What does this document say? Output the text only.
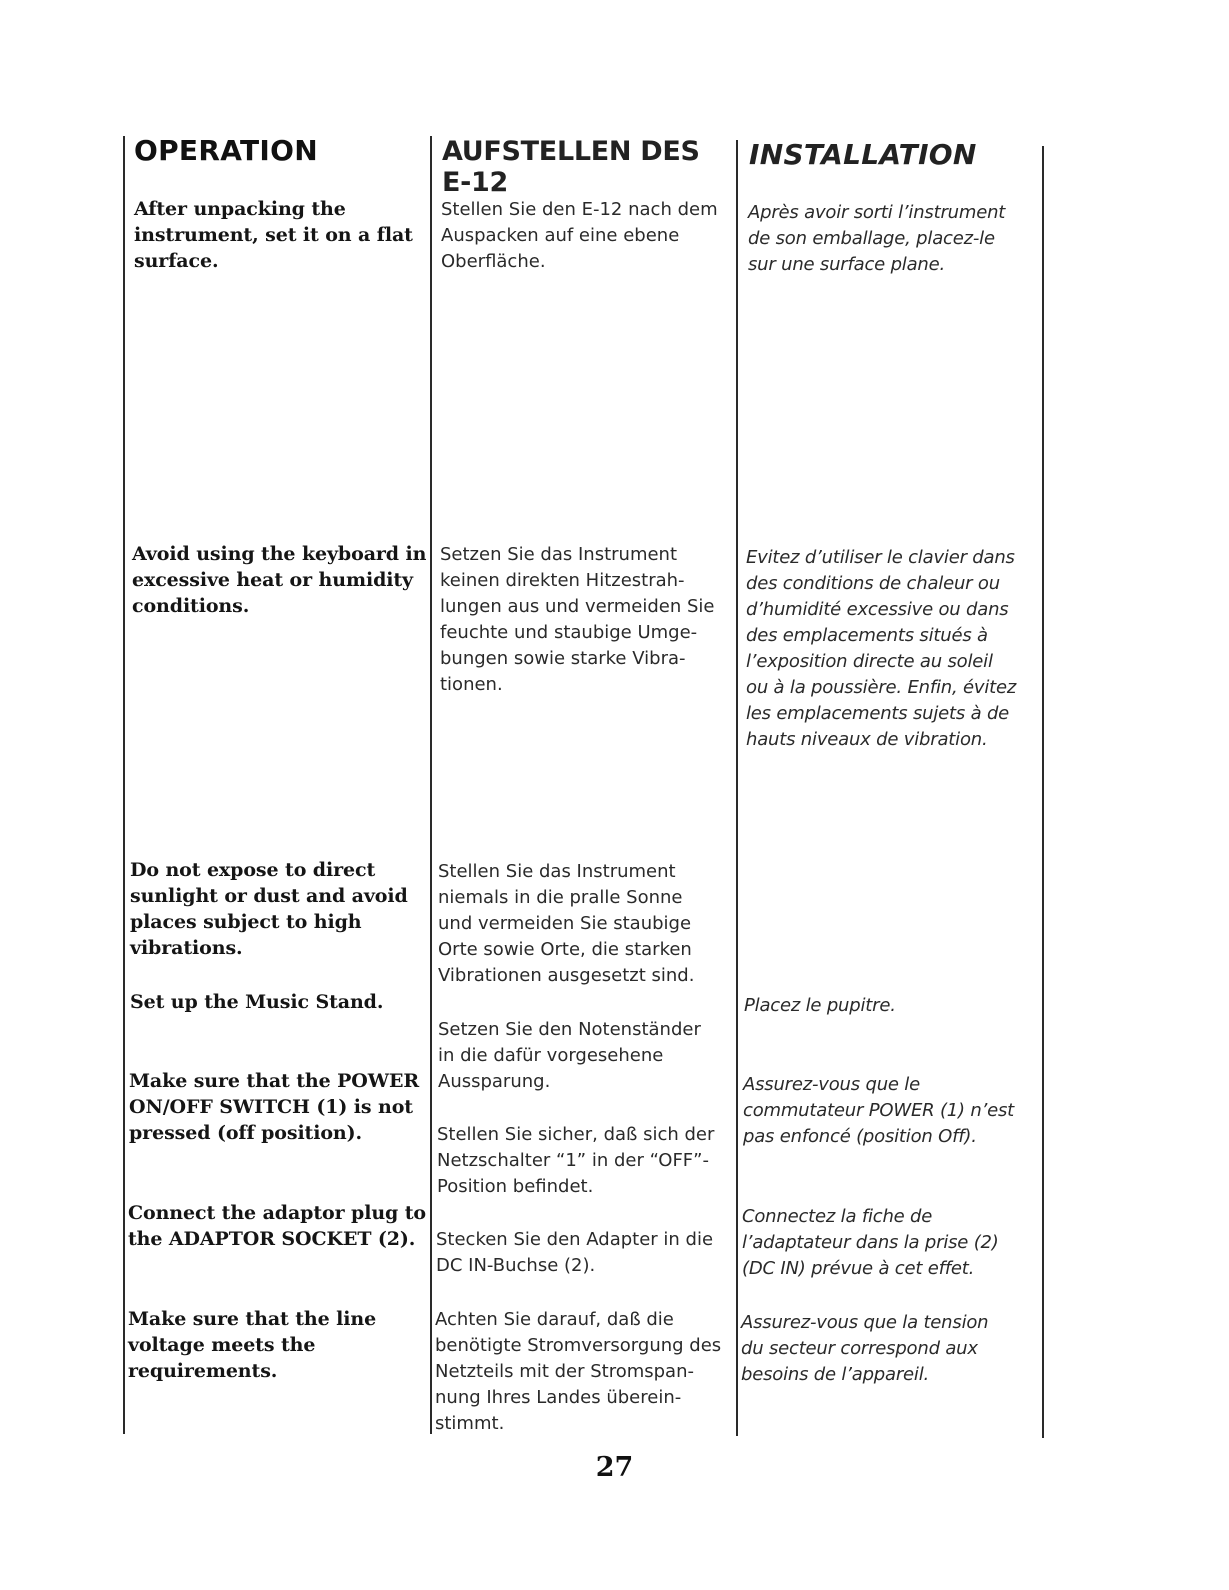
OPERATION

After unpacking the
instrument, set it on a flat
surface.

Avoid using the keyboard in
excessive heat or humidity
conditions.

Do not expose to direct
sunlight or dust and avoid
places subject to high
vibrations.

Set up the Music Stand.

Make sure that the POWER
ON/OFF SWITCH (1) is not
pressed (off position).

Connect the adaptor plug to
the ADAPTOR SOCKET (2).

Make sure that the line
voltage meets the
requirements.

AUFSTELLEN DES E-12

Stellen Sie den E-12 nach dem
Auspacken auf eine ebene
Oberfläche.

Setzen Sie das Instrument
keinen direkten Hitzestrah-
lungen aus und vermeiden Sie
feuchte und staubige Umge-
bungen sowie starke Vibra-
tionen.

Stellen Sie das Instrument
niemals in die pralle Sonne
und vermeiden Sie staubige
Orte sowie Orte, die starken
Vibrationen ausgesetzt sind.

Setzen Sie den Notenständer
in die dafür vorgesehene
Aussparung.

Stellen Sie sicher, daß sich der
Netzschalter “1” in der “OFF”-
Position befindet.

Stecken Sie den Adapter in die
DC IN-Buchse (2).

Achten Sie darauf, daß die
benötigte Stromversorgung des
Netzteils mit der Stromspan-
nung Ihres Landes überein-
stimmt.

INSTALLATION

Après avoir sorti l’instrument
de son emballage, placez-le
sur une surface plane.

Evitez d’utiliser le clavier dans
des conditions de chaleur ou
d’humidité excessive ou dans
des emplacements situés à
l’exposition directe au soleil
ou à la poussière. Enfin, évitez
les emplacements sujets à de
hauts niveaux de vibration.

Placez le pupitre.

Assurez-vous que le
commutateur POWER (1) n’est
pas enfoncé (position Off).

Connectez la fiche de
l’adaptateur dans la prise (2)
(DC IN) prévue à cet effet.

Assurez-vous que la tension
du secteur correspond aux
besoins de l’appareil.

27
